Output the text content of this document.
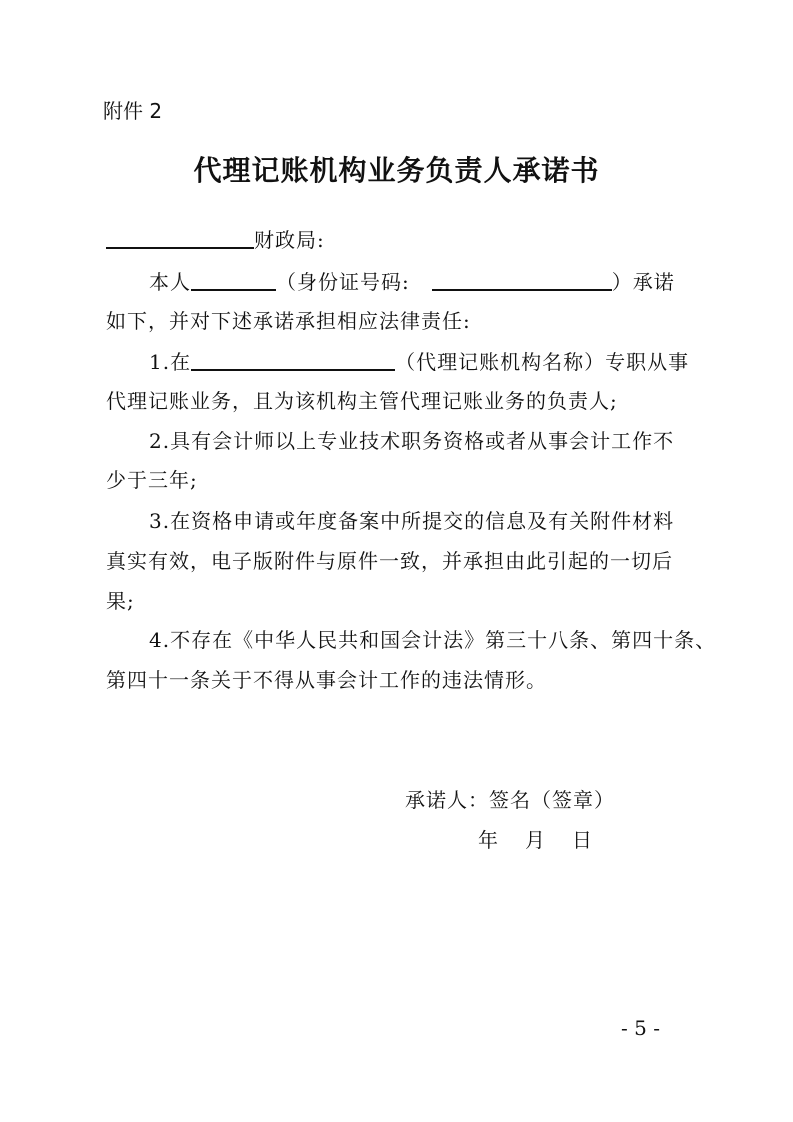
附件 2
代理记账机构业务负责人承诺书
财政局:
本人	（身份证号码:	）承诺
如下，并对下述承诺承担相应法律责任:
1.在	（代理记账机构名称）专职从事
代理记账业务，且为该机构主管代理记账业务的负责人;
2.具有会计师以上专业技术职务资格或者从事会计工作不
少于三年;
3.在资格申请或年度备案中所提交的信息及有关附件材料
真实有效，电子版附件与原件一致，并承担由此引起的一切后
果;
4.不存在《中华人民共和国会计法》第三十八条、第四十条、
第四十一条关于不得从事会计工作的违法情形。
承诺人：签名（签章）
年 月 日
- 5 -
